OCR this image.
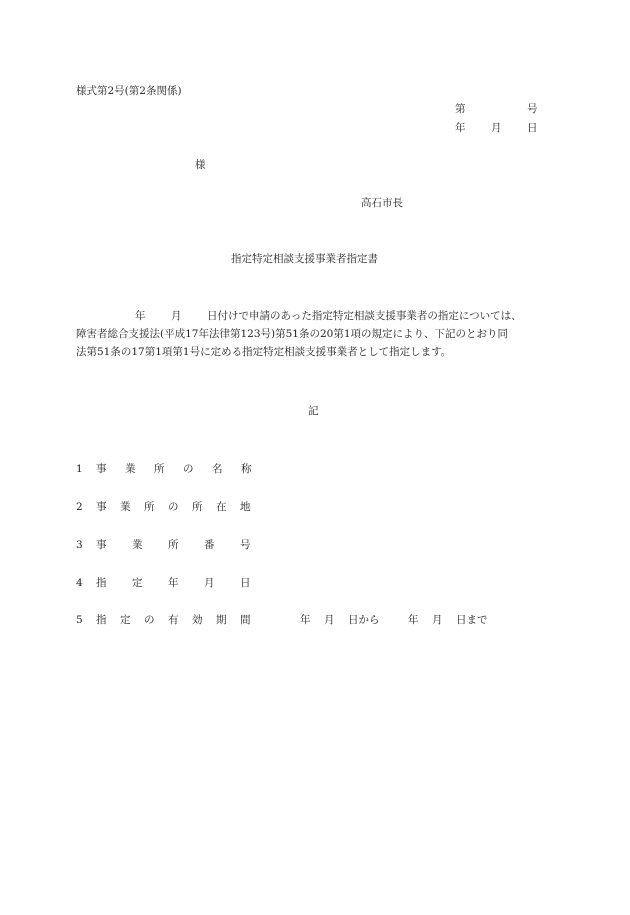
様式第2号(第2条関係)
第	号
年	月	日
様
高石市長
指定特定相談支援事業者指定書
年	月	日付けで申請のあった指定特定相談支援事業者の指定については、
障害者総合支援法(平成17年法律第123号)第51条の20第1項の規定により、下記のとおり同
法第51条の17第1項第1号に定める指定特定相談支援事業者として指定します。
記
1	事	業	所	の	名	称
2	事	業	所	の	所	在	地
3	事	業	所	番	号
4	指	定	年	月	日
5	指	定	の	有	効	期	間	年	月	日から	年	月	日まで
